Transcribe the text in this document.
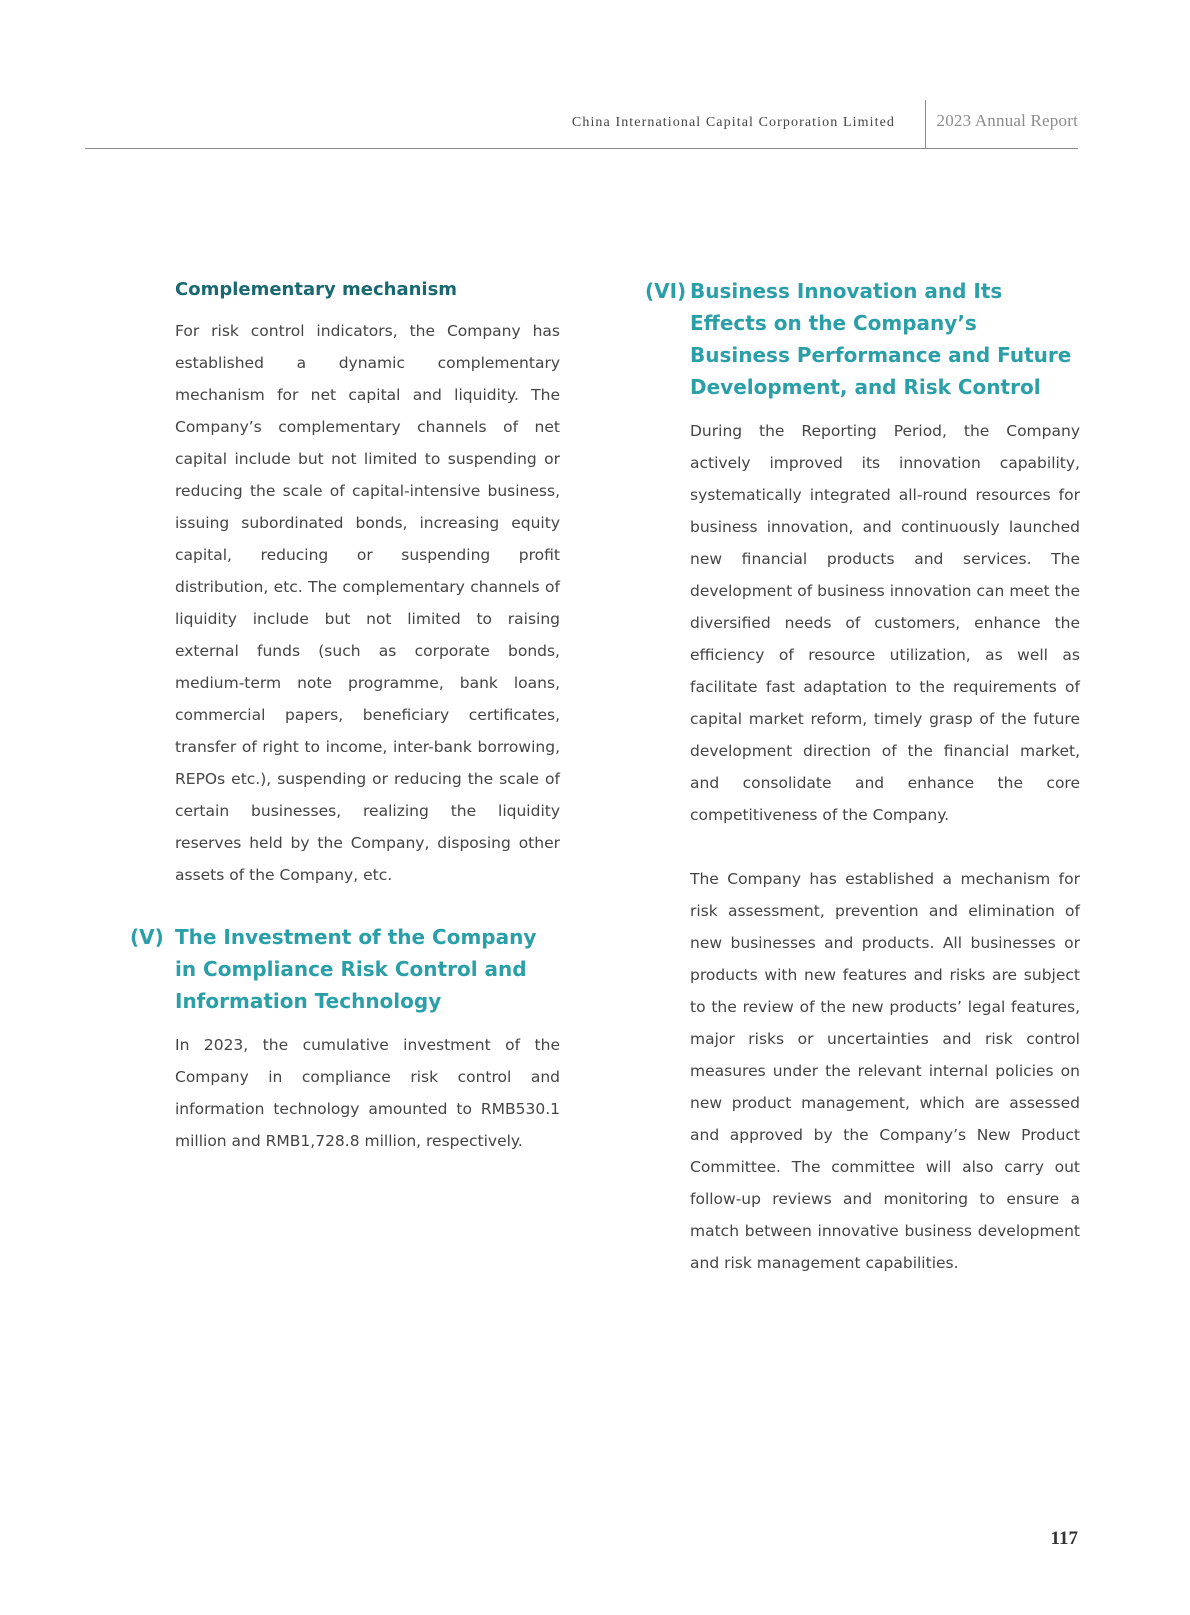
China International Capital Corporation Limited 2023 Annual Report
Complementary mechanism

For risk control indicators, the Company has established a dynamic complementary mechanism for net capital and liquidity. The Company’s complementary channels of net capital include but not limited to suspending or reducing the scale of capital-intensive business, issuing subordinated bonds, increasing equity capital, reducing or suspending profit distribution, etc. The complementary channels of liquidity include but not limited to raising external funds (such as corporate bonds, medium-term note programme, bank loans, commercial papers, beneficiary certificates, transfer of right to income, inter-bank borrowing, REPOs etc.), suspending or reducing the scale of certain businesses, realizing the liquidity reserves held by the Company, disposing other assets of the Company, etc.

(V) The Investment of the Company in Compliance Risk Control and Information Technology

In 2023, the cumulative investment of the Company in compliance risk control and information technology amounted to RMB530.1 million and RMB1,728.8 million, respectively.

(VI) Business Innovation and Its Effects on the Company’s Business Performance and Future Development, and Risk Control

During the Reporting Period, the Company actively improved its innovation capability, systematically integrated all-round resources for business innovation, and continuously launched new financial products and services. The development of business innovation can meet the diversified needs of customers, enhance the efficiency of resource utilization, as well as facilitate fast adaptation to the requirements of capital market reform, timely grasp of the future development direction of the financial market, and consolidate and enhance the core competitiveness of the Company.

The Company has established a mechanism for risk assessment, prevention and elimination of new businesses and products. All businesses or products with new features and risks are subject to the review of the new products’ legal features, major risks or uncertainties and risk control measures under the relevant internal policies on new product management, which are assessed and approved by the Company’s New Product Committee. The committee will also carry out follow-up reviews and monitoring to ensure a match between innovative business development and risk management capabilities.

117
